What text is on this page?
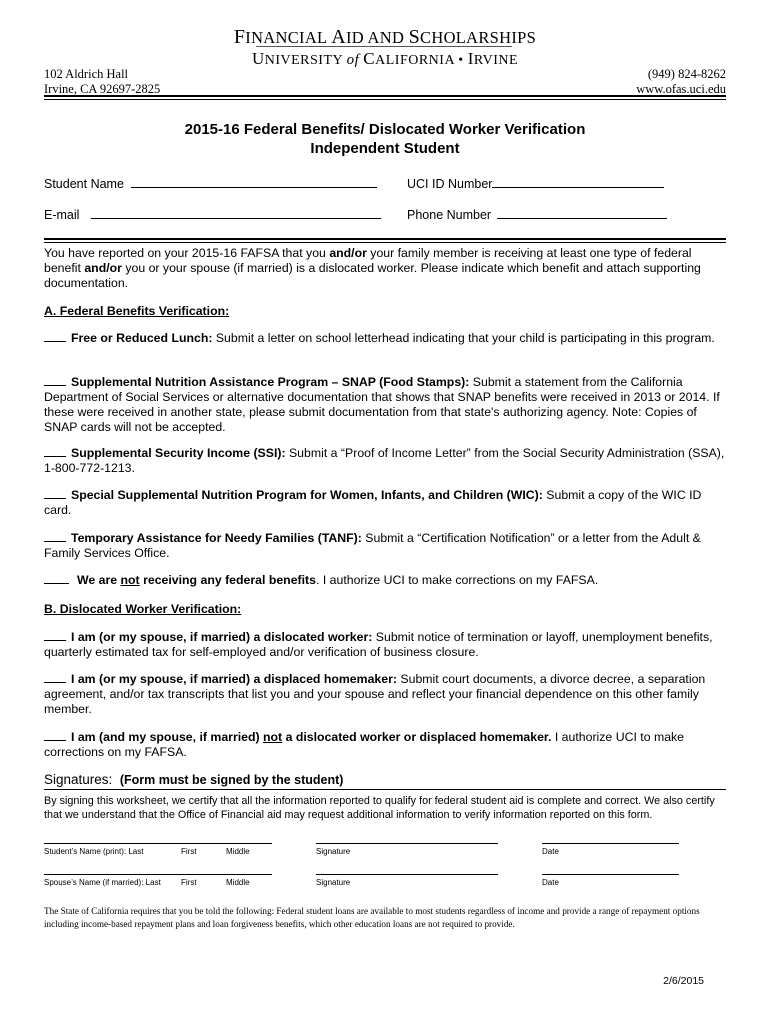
FINANCIAL AID AND SCHOLARSHIPS
UNIVERSITY of CALIFORNIA • IRVINE
102 Aldrich Hall
Irvine, CA 92697-2825
(949) 824-8262
www.ofas.uci.edu
2015-16 Federal Benefits/ Dislocated Worker Verification
Independent Student
Student Name	UCI ID Number
E-mail	Phone Number
You have reported on your 2015-16 FAFSA that you and/or your family member is receiving at least one type of federal benefit and/or you or your spouse (if married) is a dislocated worker. Please indicate which benefit and attach supporting documentation.
A. Federal Benefits Verification:
Free or Reduced Lunch: Submit a letter on school letterhead indicating that your child is participating in this program.
Supplemental Nutrition Assistance Program – SNAP (Food Stamps): Submit a statement from the California Department of Social Services or alternative documentation that shows that SNAP benefits were received in 2013 or 2014. If these were received in another state, please submit documentation from that state's authorizing agency. Note: Copies of SNAP cards will not be accepted.
Supplemental Security Income (SSI): Submit a “Proof of Income Letter” from the Social Security Administration (SSA), 1-800-772-1213.
Special Supplemental Nutrition Program for Women, Infants, and Children (WIC): Submit a copy of the WIC ID card.
Temporary Assistance for Needy Families (TANF): Submit a “Certification Notification” or a letter from the Adult & Family Services Office.
We are not receiving any federal benefits. I authorize UCI to make corrections on my FAFSA.
B. Dislocated Worker Verification:
I am (or my spouse, if married) a dislocated worker: Submit notice of termination or layoff, unemployment benefits, quarterly estimated tax for self-employed and/or verification of business closure.
I am (or my spouse, if married) a displaced homemaker: Submit court documents, a divorce decree, a separation agreement, and/or tax transcripts that list you and your spouse and reflect your financial dependence on this other family member.
I am (and my spouse, if married) not a dislocated worker or displaced homemaker. I authorize UCI to make corrections on my FAFSA.
Signatures: (Form must be signed by the student)
By signing this worksheet, we certify that all the information reported to qualify for federal student aid is complete and correct. We also certify that we understand that the Office of Financial aid may request additional information to verify information reported on this form.
Student’s Name (print): Last	First	Middle	Signature	Date
Spouse’s Name (if married): Last	First	Middle	Signature	Date
The State of California requires that you be told the following: Federal student loans are available to most students regardless of income and provide a range of repayment options including income-based repayment plans and loan forgiveness benefits, which other education loans are not required to provide.
2/6/2015
